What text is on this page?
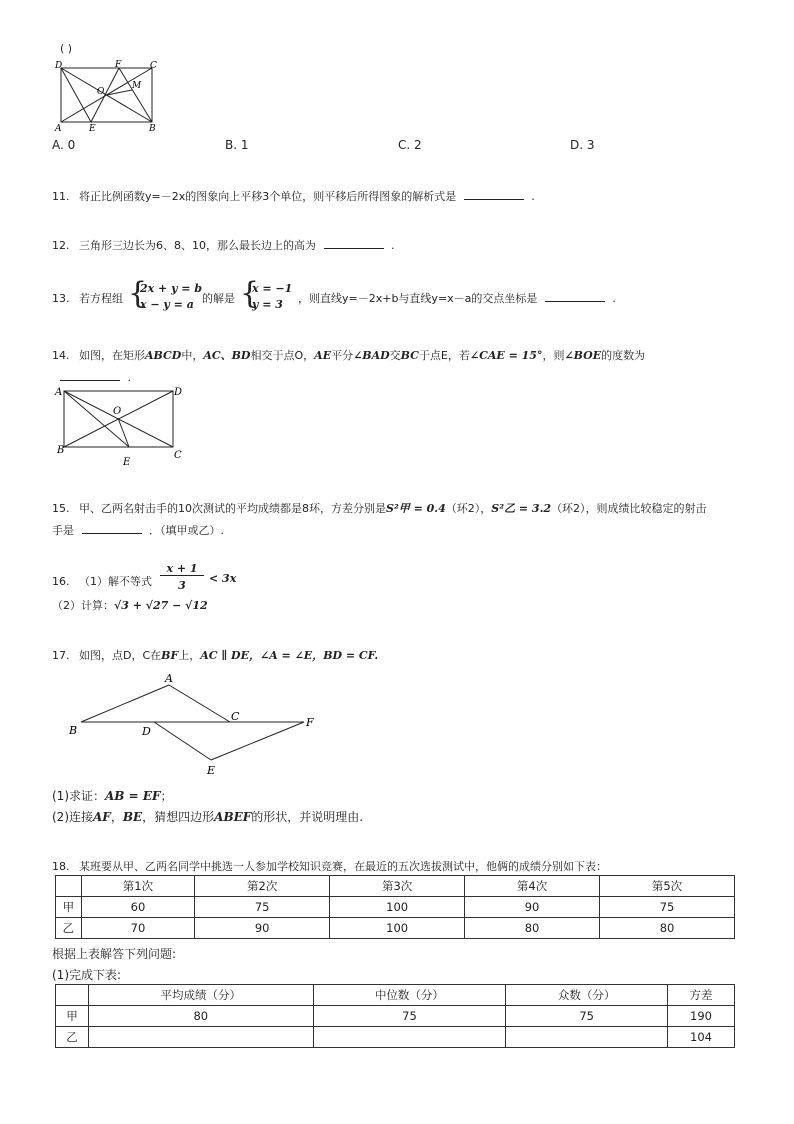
( )
D	F	C
O
M
A	E	B
A. 0	B. 1	C. 2	D. 3
11. 将正比例函数y=－2x的图象向上平移3个单位，则平移后所得图象的解析式是	.
12. 三角形三边长为6、8、10，那么最长边上的高为	.
13. 若方程组 {
2x + y = b
x − y = a 的解是 {
x = −1
y = 3 ，则直线y=－2x+b与直线y=x－a的交点坐标是	.
14. 如图，在矩形ABCD中，AC、BD相交于点O，AE平分∠BAD交BC于点E，若∠CAE = 15°，则∠BOE的度数为
.
A	D
O
B
E
C
15. 甲、乙两名射击手的10次测试的平均成绩都是8环，方差分别是S²甲 = 0.4（环2），S²乙 = 3.2（环2），则成绩比较稳定的射击
手是	．（填甲或乙）.
16. （1）解不等式
x + 1
3
< 3x
（2）计算：√3 + √27 − √12
17. 如图，点D，C在BF上，AC ∥ DE，∠A = ∠E，BD = CF.
A
B	D
C	F
E
(1)求证：AB = EF；
(2)连接AF，BE，猜想四边形ABEF的形状，并说明理由.
18. 某班要从甲、乙两名同学中挑选一人参加学校知识竞赛，在最近的五次选拔测试中，他俩的成绩分别如下表：
	第1次	第2次	第3次	第4次	第5次
甲	60	75	100	90	75
乙	70	90	100	80	80
根据上表解答下列问题:
(1)完成下表:
	平均成绩（分）	中位数（分）	众数（分）	方差
甲	80	75	75	190
乙				104
